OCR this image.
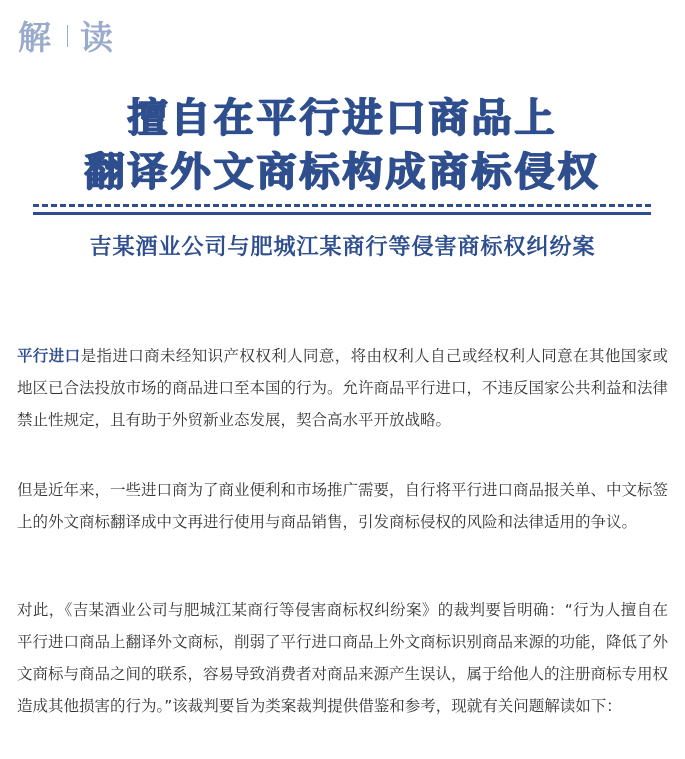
解 读
擅自在平行进口商品上
翻译外文商标构成商标侵权
吉某酒业公司与肥城江某商行等侵害商标权纠纷案

平行进口是指进口商未经知识产权权利人同意，将由权利人自己或经权利人同意在其他国家或地区已合法投放市场的商品进口至本国的行为。允许商品平行进口，不违反国家公共利益和法律禁止性规定，且有助于外贸新业态发展，契合高水平开放战略。

但是近年来，一些进口商为了商业便利和市场推广需要，自行将平行进口商品报关单、中文标签上的外文商标翻译成中文再进行使用与商品销售，引发商标侵权的风险和法律适用的争议。

对此，《吉某酒业公司与肥城江某商行等侵害商标权纠纷案》的裁判要旨明确：“行为人擅自在平行进口商品上翻译外文商标，削弱了平行进口商品上外文商标识别商品来源的功能，降低了外文商标与商品之间的联系，容易导致消费者对商品来源产生误认，属于给他人的注册商标专用权造成其他损害的行为。”该裁判要旨为类案裁判提供借鉴和参考，现就有关问题解读如下：
